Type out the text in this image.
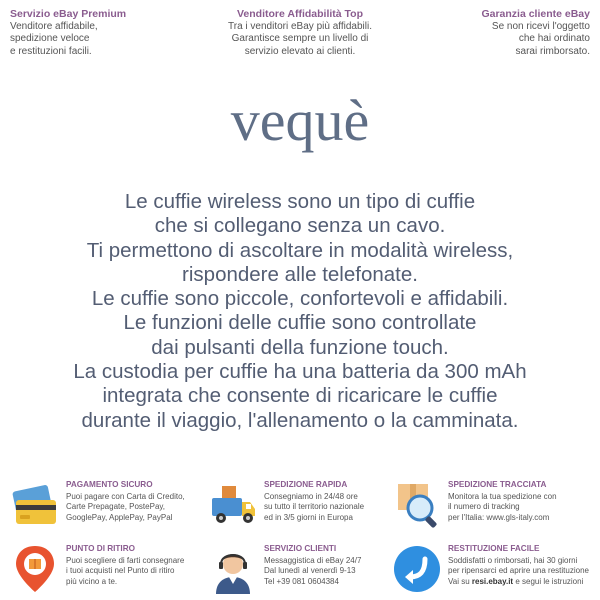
Servizio eBay Premium
Venditore affidabile,
spedizione veloce
e restituzioni facili.
Venditore Affidabilità Top
Tra i venditori eBay più affidabili.
Garantisce sempre un livello di
servizio elevato ai clienti.
Garanzia cliente eBay
Se non ricevi l'oggetto
che hai ordinato
sarai rimborsato.
vequè
Le cuffie wireless sono un tipo di cuffie
che si collegano senza un cavo.
Ti permettono di ascoltare in modalità wireless,
rispondere alle telefonate.
Le cuffie sono piccole, confortevoli e affidabili.
Le funzioni delle cuffie sono controllate
dai pulsanti della funzione touch.
La custodia per cuffie ha una batteria da 300 mAh
integrata che consente di ricaricare le cuffie
durante il viaggio, l'allenamento o la camminata.
PAGAMENTO SICURO
Puoi pagare con Carta di Credito,
Carte Prepagate, PostePay,
GooglePay, ApplePay, PayPal
SPEDIZIONE RAPIDA
Consegniamo in 24/48 ore
su tutto il territorio nazionale
ed in 3/5 giorni in Europa
SPEDIZIONE TRACCIATA
Monitora la tua spedizione con
il numero di tracking
per l'Italia: www.gls-italy.com
PUNTO DI RITIRO
Puoi scegliere di farti consegnare
i tuoi acquisti nel Punto di ritiro
più vicino a te.
SERVIZIO CLIENTI
Messaggistica di eBay 24/7
Dal lunedì al venerdì 9-13
Tel +39 081 0604384
RESTITUZIONE FACILE
Soddisfatti o rimborsati, hai 30 giorni
per ripensarci ed aprire una restituzione
Vai su resi.ebay.it e segui le istruzioni
